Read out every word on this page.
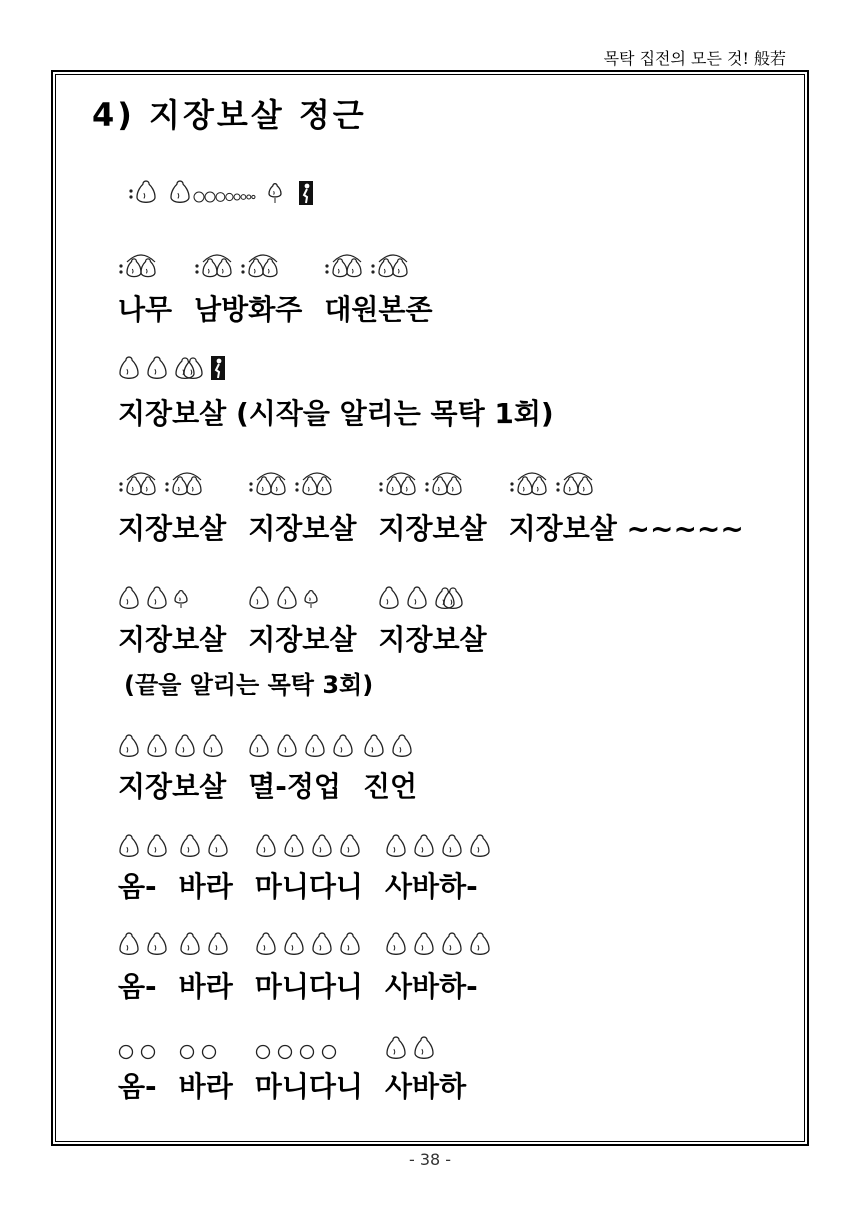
목탁 집전의 모든 것! 般若
4) 지장보살 정근
나무 남방화주 대원본존
지장보살 (시작을 알리는 목탁 1회)
지장보살 지장보살 지장보살 지장보살 ~~~~~
지장보살 지장보살 지장보살
(끝을 알리는 목탁 3회)
지장보살 멸-정업 진언
옴- 바라 마니다니 사바하-
옴- 바라 마니다니 사바하-
옴- 바라 마니다니 사바하
- 38 -
